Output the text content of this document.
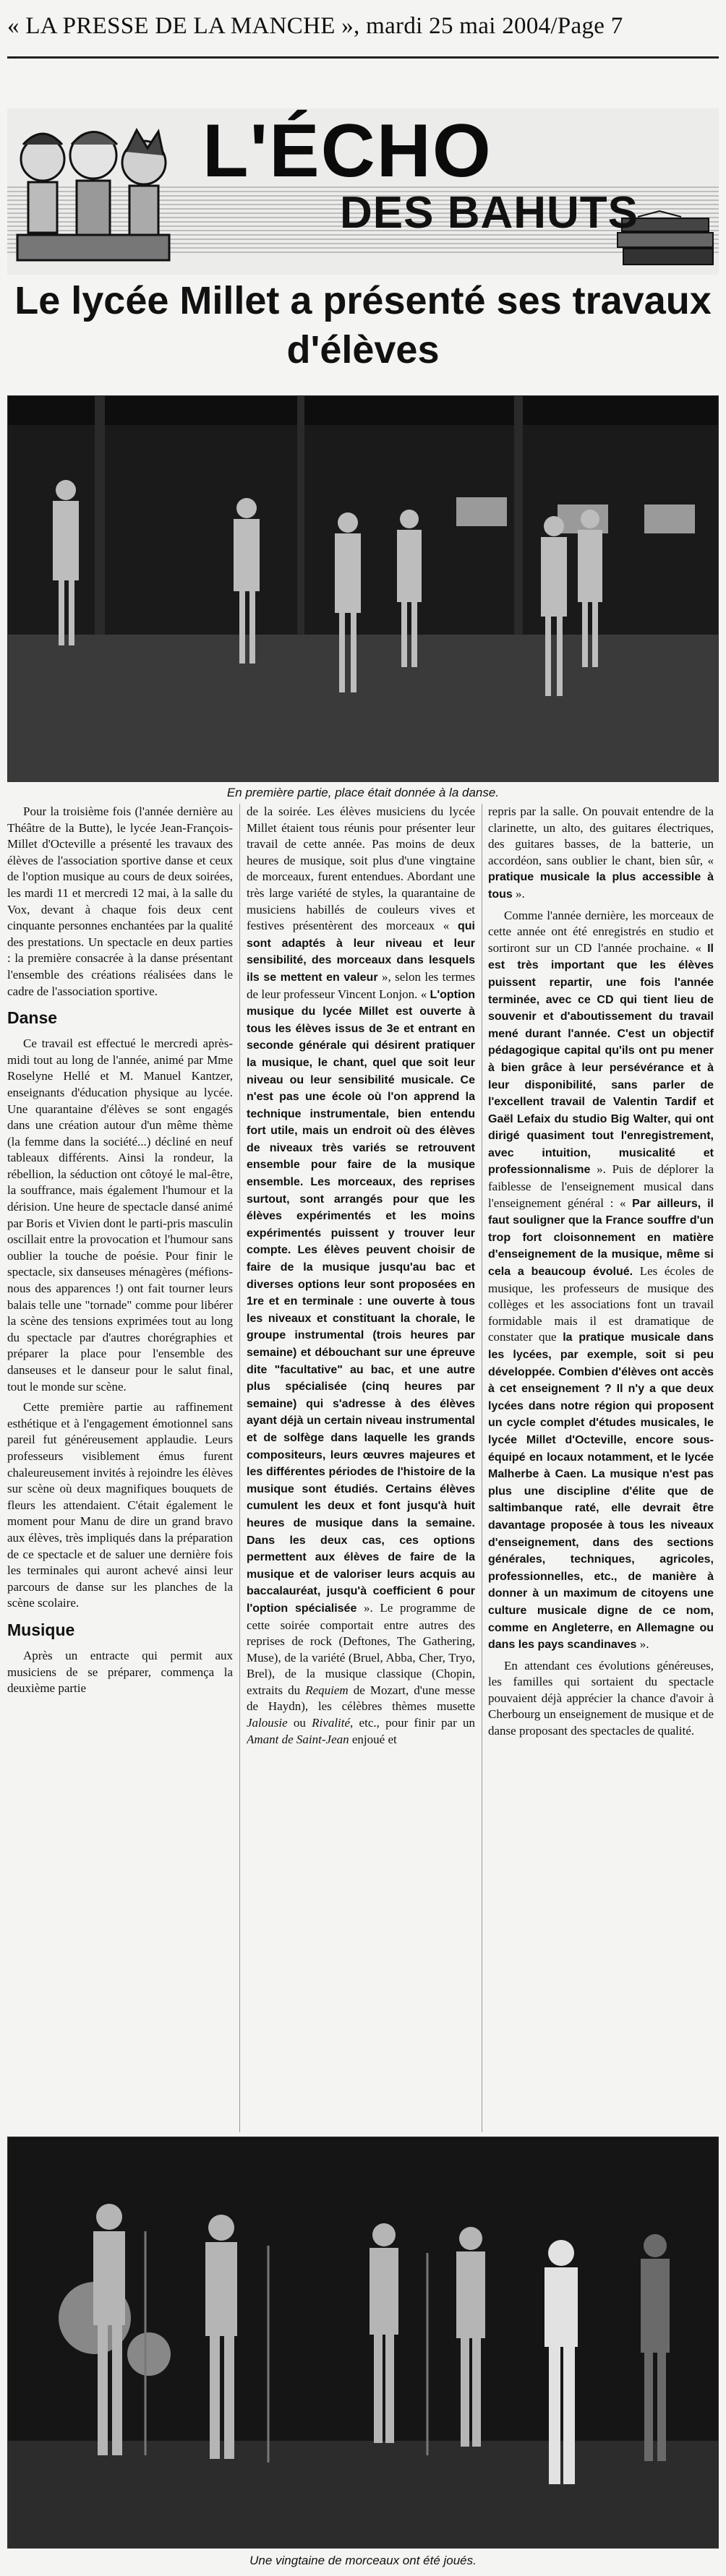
« LA PRESSE DE LA MANCHE », mardi 25 mai 2004/Page 7
L'ÉCHO
DES BAHUTS
Le lycée Millet a présenté ses travaux d'élèves
En première partie, place était donnée à la danse.

Pour la troisième fois (l'année dernière au Théâtre de la Butte), le lycée Jean-François-Millet d'Octeville a présenté les travaux des élèves de l'association sportive danse et ceux de l'option musique au cours de deux soirées, les mardi 11 et mercredi 12 mai, à la salle du Vox, devant à chaque fois deux cent cinquante personnes enchantées par la qualité des prestations. Un spectacle en deux parties : la première consacrée à la danse présentant l'ensemble des créations réalisées dans le cadre de l'association sportive.

Danse

Ce travail est effectué le mercredi après-midi tout au long de l'année, animé par Mme Roselyne Hellé et M. Manuel Kantzer, enseignants d'éducation physique au lycée. Une quarantaine d'élèves se sont engagés dans une création autour d'un même thème (la femme dans la société...) décliné en neuf tableaux différents. Ainsi la rondeur, la rébellion, la séduction ont côtoyé le mal-être, la souffrance, mais également l'humour et la dérision. Une heure de spectacle dansé animé par Boris et Vivien dont le parti-pris masculin oscillait entre la provocation et l'humour sans oublier la touche de poésie. Pour finir le spectacle, six danseuses ménagères (méfions-nous des apparences !) ont fait tourner leurs balais telle une "tornade" comme pour libérer la scène des tensions exprimées tout au long du spectacle par d'autres chorégraphies et préparer la place pour l'ensemble des danseuses et le danseur pour le salut final, tout le monde sur scène.

Cette première partie au raffinement esthétique et à l'engagement émotionnel sans pareil fut généreusement applaudie. Leurs professeurs visiblement émus furent chaleureusement invités à rejoindre les élèves sur scène où deux magnifiques bouquets de fleurs les attendaient. C'était également le moment pour Manu de dire un grand bravo aux élèves, très impliqués dans la préparation de ce spectacle et de saluer une dernière fois les terminales qui auront achevé ainsi leur parcours de danse sur les planches de la scène scolaire.

Musique

Après un entracte qui permit aux musiciens de se préparer, commença la deuxième partie

de la soirée. Les élèves musiciens du lycée Millet étaient tous réunis pour présenter leur travail de cette année. Pas moins de deux heures de musique, soit plus d'une vingtaine de morceaux, furent entendues. Abordant une très large variété de styles, la quarantaine de musiciens habillés de couleurs vives et festives présentèrent des morceaux « qui sont adaptés à leur niveau et leur sensibilité, des morceaux dans lesquels ils se mettent en valeur », selon les termes de leur professeur Vincent Lonjon. « L'option musique du lycée Millet est ouverte à tous les élèves issus de 3e et entrant en seconde générale qui désirent pratiquer la musique, le chant, quel que soit leur niveau ou leur sensibilité musicale. Ce n'est pas une école où l'on apprend la technique instrumentale, bien entendu fort utile, mais un endroit où des élèves de niveaux très variés se retrouvent ensemble pour faire de la musique ensemble. Les morceaux, des reprises surtout, sont arrangés pour que les élèves expérimentés et les moins expérimentés puissent y trouver leur compte. Les élèves peuvent choisir de faire de la musique jusqu'au bac et diverses options leur sont proposées en 1re et en terminale : une ouverte à tous les niveaux et constituant la chorale, le groupe instrumental (trois heures par semaine) et débouchant sur une épreuve dite "facultative" au bac, et une autre plus spécialisée (cinq heures par semaine) qui s'adresse à des élèves ayant déjà un certain niveau instrumental et de solfège dans laquelle les grands compositeurs, leurs œuvres majeures et les différentes périodes de l'histoire de la musique sont étudiés. Certains élèves cumulent les deux et font jusqu'à huit heures de musique dans la semaine. Dans les deux cas, ces options permettent aux élèves de faire de la musique et de valoriser leurs acquis au baccalauréat, jusqu'à coefficient 6 pour l'option spécialisée ». Le programme de cette soirée comportait entre autres des reprises de rock (Deftones, The Gathering, Muse), de la variété (Bruel, Abba, Cher, Tryo, Brel), de la musique classique (Chopin, extraits du Requiem de Mozart, d'une messe de Haydn), les célèbres thèmes musette Jalousie ou Rivalité, etc., pour finir par un Amant de Saint-Jean enjoué et

repris par la salle. On pouvait entendre de la clarinette, un alto, des guitares électriques, des guitares basses, de la batterie, un accordéon, sans oublier le chant, bien sûr, « pratique musicale la plus accessible à tous ».

Comme l'année dernière, les morceaux de cette année ont été enregistrés en studio et sortiront sur un CD l'année prochaine. « Il est très important que les élèves puissent repartir, une fois l'année terminée, avec ce CD qui tient lieu de souvenir et d'aboutissement du travail mené durant l'année. C'est un objectif pédagogique capital qu'ils ont pu mener à bien grâce à leur persévérance et à leur disponibilité, sans parler de l'excellent travail de Valentin Tardif et Gaël Lefaix du studio Big Walter, qui ont dirigé quasiment tout l'enregistrement, avec intuition, musicalité et professionnalisme ». Puis de déplorer la faiblesse de l'enseignement musical dans l'enseignement général : « Par ailleurs, il faut souligner que la France souffre d'un trop fort cloisonnement en matière d'enseignement de la musique, même si cela a beaucoup évolué. Les écoles de musique, les professeurs de musique des collèges et les associations font un travail formidable mais il est dramatique de constater que la pratique musicale dans les lycées, par exemple, soit si peu développée. Combien d'élèves ont accès à cet enseignement ? Il n'y a que deux lycées dans notre région qui proposent un cycle complet d'études musicales, le lycée Millet d'Octeville, encore sous-équipé en locaux notamment, et le lycée Malherbe à Caen. La musique n'est pas plus une discipline d'élite que de saltimbanque raté, elle devrait être davantage proposée à tous les niveaux d'enseignement, dans des sections générales, techniques, agricoles, professionnelles, etc., de manière à donner à un maximum de citoyens une culture musicale digne de ce nom, comme en Angleterre, en Allemagne ou dans les pays scandinaves ».

En attendant ces évolutions généreuses, les familles qui sortaient du spectacle pouvaient déjà apprécier la chance d'avoir à Cherbourg un enseignement de musique et de danse proposant des spectacles de qualité.

Une vingtaine de morceaux ont été joués.
